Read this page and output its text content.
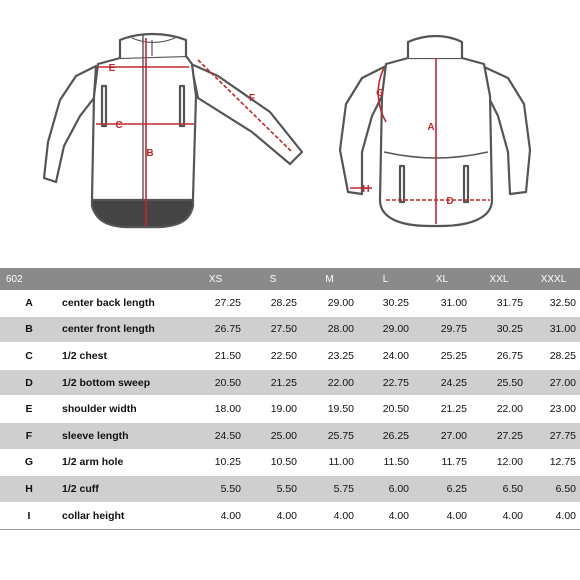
E
F
C
B
G
A
H
D
602		XS	S	M	L	XL	XXL	XXXL
A	center back length	27.25	28.25	29.00	30.25	31.00	31.75	32.50
B	center front length	26.75	27.50	28.00	29.00	29.75	30.25	31.00
C	1/2 chest	21.50	22.50	23.25	24.00	25.25	26.75	28.25
D	1/2 bottom sweep	20.50	21.25	22.00	22.75	24.25	25.50	27.00
E	shoulder width	18.00	19.00	19.50	20.50	21.25	22.00	23.00
F	sleeve length	24.50	25.00	25.75	26.25	27.00	27.25	27.75
G	1/2 arm hole	10.25	10.50	11.00	11.50	11.75	12.00	12.75
H	1/2 cuff	5.50	5.50	5.75	6.00	6.25	6.50	6.50
I	collar height	4.00	4.00	4.00	4.00	4.00	4.00	4.00
